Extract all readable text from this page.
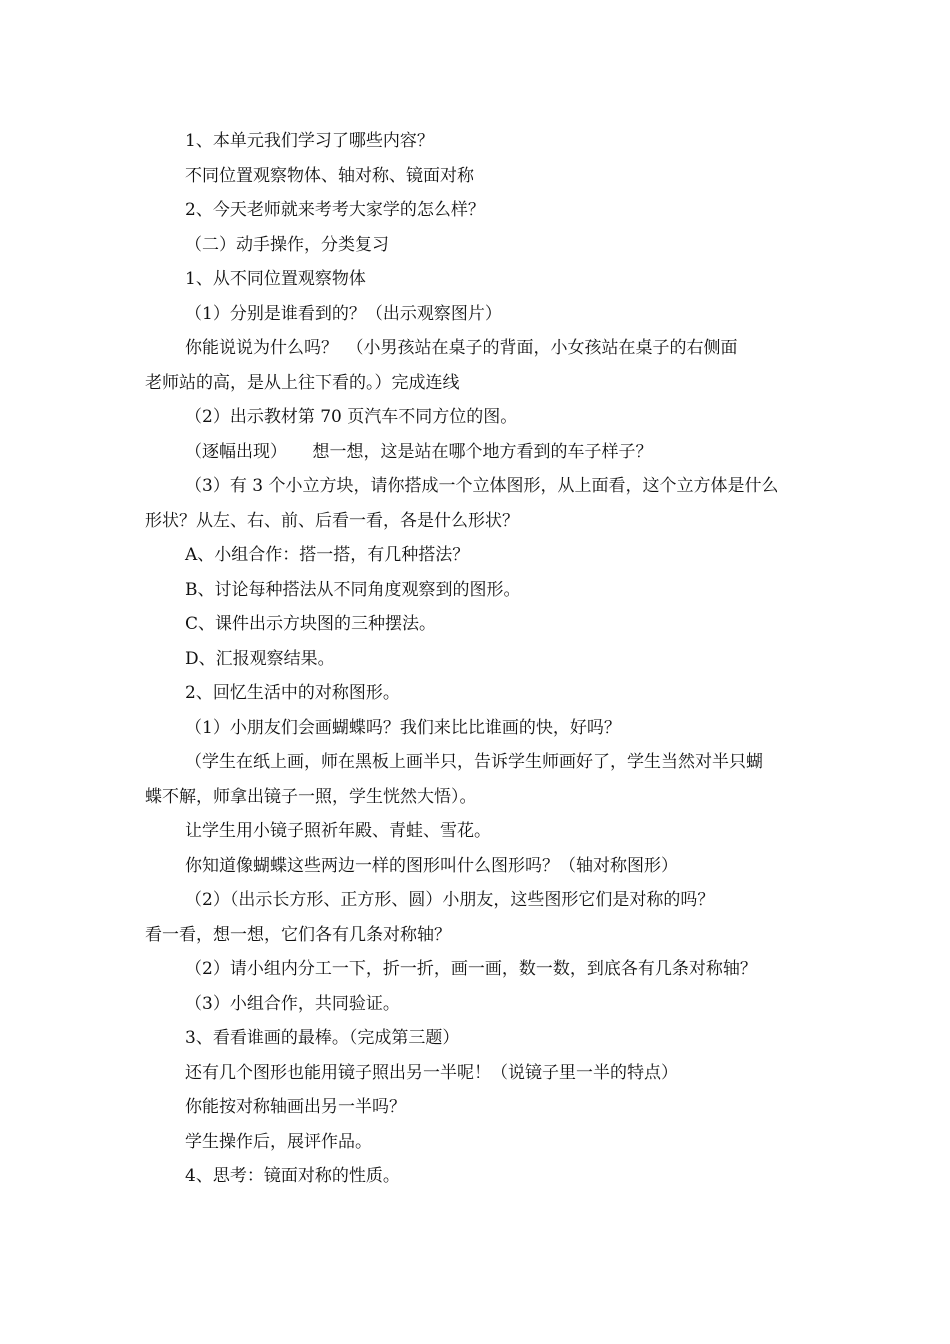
1、本单元我们学习了哪些内容？
不同位置观察物体、轴对称、镜面对称
2、今天老师就来考考大家学的怎么样？
（二）动手操作，分类复习
1、从不同位置观察物体
（1）分别是谁看到的？（出示观察图片）
你能说说为什么吗？　（小男孩站在桌子的背面，小女孩站在桌子的右侧面
老师站的高，是从上往下看的。）完成连线
（2）出示教材第 70 页汽车不同方位的图。
（逐幅出现）　　想一想，这是站在哪个地方看到的车子样子？
（3）有 3 个小立方块，请你搭成一个立体图形，从上面看，这个立方体是什么
形状？从左、右、前、后看一看，各是什么形状？
A、小组合作：搭一搭，有几种搭法？
B、讨论每种搭法从不同角度观察到的图形。
C、课件出示方块图的三种摆法。
D、汇报观察结果。
2、回忆生活中的对称图形。
（1）小朋友们会画蝴蝶吗？我们来比比谁画的快，好吗？
（学生在纸上画，师在黑板上画半只，告诉学生师画好了，学生当然对半只蝴
蝶不解，师拿出镜子一照，学生恍然大悟）。
让学生用小镜子照祈年殿、青蛙、雪花。
你知道像蝴蝶这些两边一样的图形叫什么图形吗？（轴对称图形）
（2）（出示长方形、正方形、圆）小朋友，这些图形它们是对称的吗？
看一看，想一想，它们各有几条对称轴？
（2）请小组内分工一下，折一折，画一画，数一数，到底各有几条对称轴？
（3）小组合作，共同验证。
3、看看谁画的最棒。（完成第三题）
还有几个图形也能用镜子照出另一半呢！（说镜子里一半的特点）
你能按对称轴画出另一半吗？
学生操作后，展评作品。
4、思考：镜面对称的性质。
